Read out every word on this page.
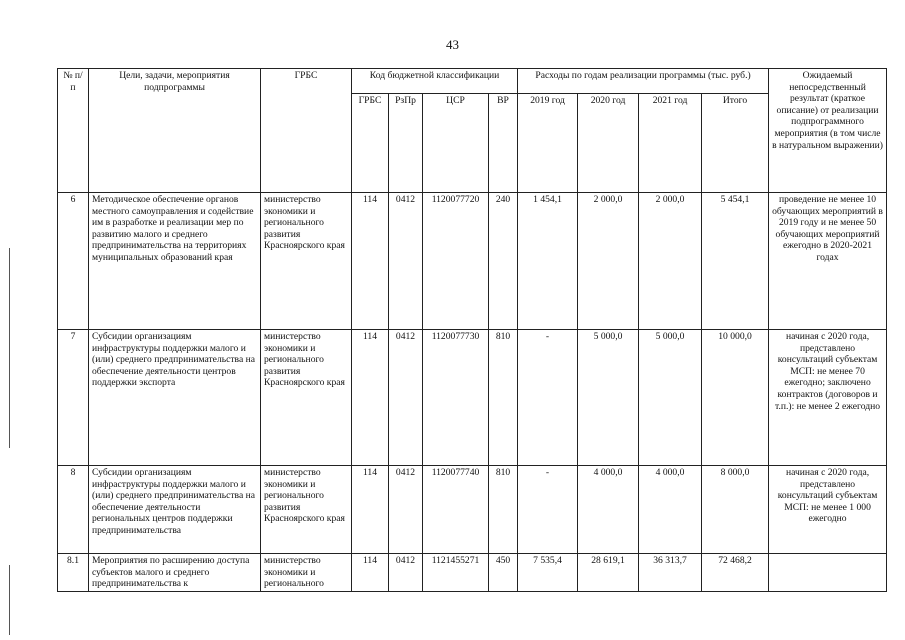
43
№ п/п	Цели, задачи, мероприятия подпрограммы	ГРБС	Код бюджетной классификации				Расходы по годам реализации программы (тыс. руб.)				Ожидаемый непосредственный результат (краткое описание) от реализации подпрограммного мероприятия (в том числе в натуральном выражении)
			ГРБС	РзПр	ЦСР	ВР	2019 год	2020 год	2021 год	Итого	
6	Методическое обеспечение органов местного самоуправления и содействие им в разработке и реализации мер по развитию малого и среднего предпринимательства на территориях муниципальных образований края	министерство экономики и регионального развития Красноярского края	114	0412	1120077720	240	1 454,1	2 000,0	2 000,0	5 454,1	проведение не менее 10 обучающих мероприятий в 2019 году и не менее 50 обучающих мероприятий ежегодно в 2020-2021 годах
7	Субсидии организациям инфраструктуры поддержки малого и (или) среднего предпринимательства на обеспечение деятельности центров поддержки экспорта	министерство экономики и регионального развития Красноярского края	114	0412	1120077730	810	-	5 000,0	5 000,0	10 000,0	начиная с 2020 года, представлено консультаций субъектам МСП: не менее 70 ежегодно; заключено контрактов (договоров и т.п.): не менее 2 ежегодно
8	Субсидии организациям инфраструктуры поддержки малого и (или) среднего предпринимательства на обеспечение деятельности региональных центров поддержки предпринимательства	министерство экономики и регионального развития Красноярского края	114	0412	1120077740	810	-	4 000,0	4 000,0	8 000,0	начиная с 2020 года, представлено консультаций субъектам МСП: не менее 1 000 ежегодно
8.1	Мероприятия по расширению доступа субъектов малого и среднего предпринимательства к	министерство экономики и регионального	114	0412	1121455271	450	7 535,4	28 619,1	36 313,7	72 468,2	
